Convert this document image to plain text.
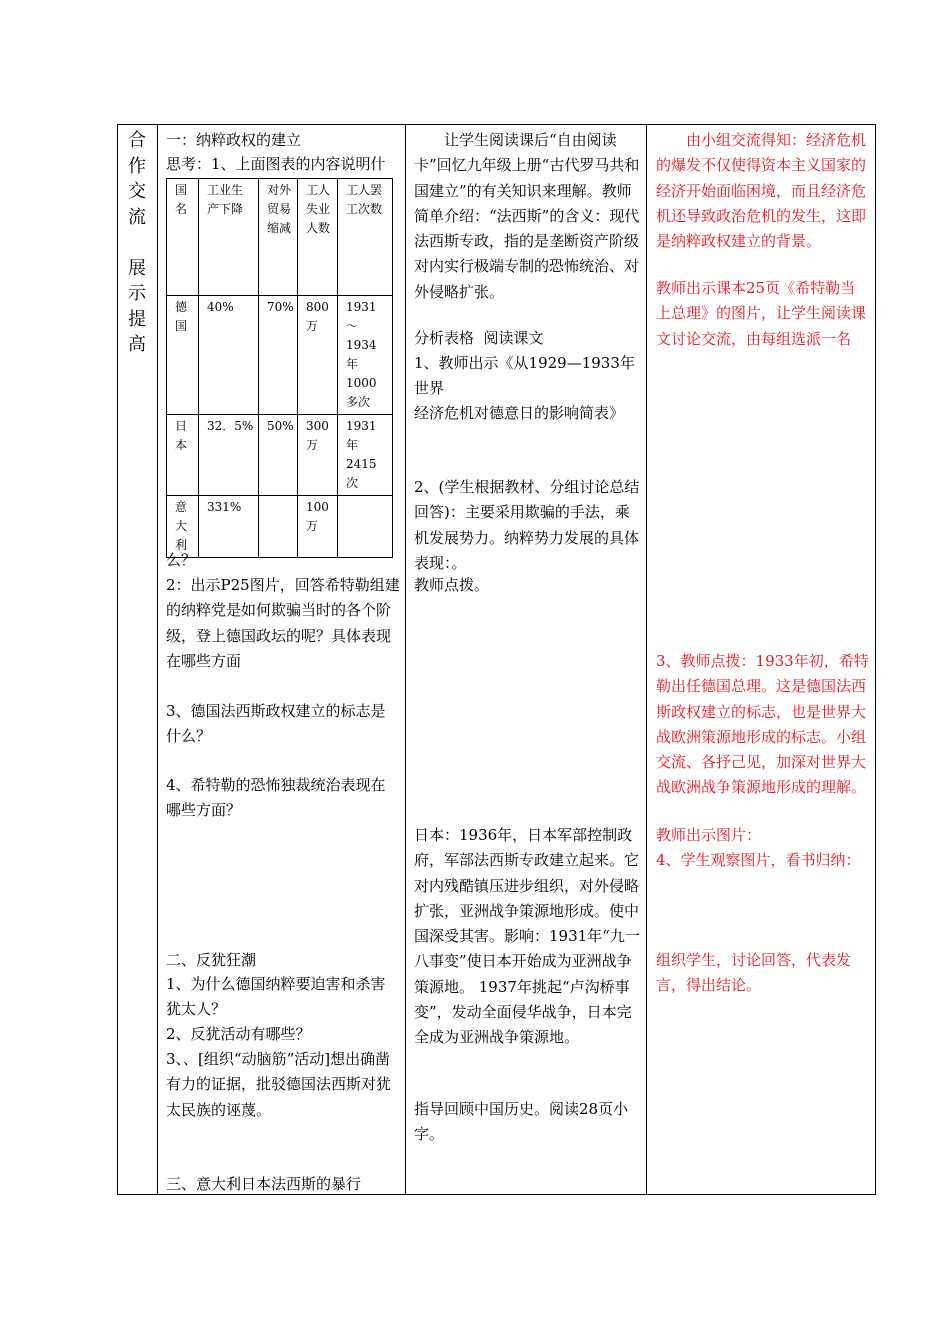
合
作
交
流
展
示
提
高
一：纳粹政权的建立
思考：1、上面图表的内容说明什
国名	工业生产下降	对外贸易缩减	工人失业人数	工人罢工次数
德国	40%	70%	800万	1931～1934年1000多次
日本	32．5%	50%	300万	1931年2415次
意大利	331%		100万	
么？
2：出示P25图片，回答希特勒组建的纳粹党是如何欺骗当时的各个阶级，登上德国政坛的呢？具体表现在哪些方面
3、德国法西斯政权建立的标志是什么？
4、希特勒的恐怖独裁统治表现在哪些方面？
二、反犹狂潮
1、为什么德国纳粹要迫害和杀害犹太人？
2、反犹活动有哪些？
3、、[组织“动脑筋”活动]想出确凿有力的证据，批驳德国法西斯对犹太民族的诬蔑。
三、意大利日本法西斯的暴行
　　让学生阅读课后“自由阅读卡”回忆九年级上册“古代罗马共和国建立”的有关知识来理解。教师简单介绍：“法西斯”的含义：现代法西斯专政，指的是垄断资产阶级对内实行极端专制的恐怖统治、对外侵略扩张。
分析表格  阅读课文
1、教师出示《从1929—1933年世界
经济危机对德意日的影响简表》
2、(学生根据教材、分组讨论总结回答)：主要采用欺骗的手法，乘机发展势力。纳粹势力发展的具体表现：。
教师点拨。
日本：1936年，日本军部控制政府，军部法西斯专政建立起来。它对内残酷镇压进步组织，对外侵略扩张，亚洲战争策源地形成。使中国深受其害。影响：1931年“九一八事变”使日本开始成为亚洲战争策源地。 1937年挑起“卢沟桥事变”，发动全面侵华战争，日本完全成为亚洲战争策源地。
指导回顾中国历史。阅读28页小字。
　　由小组交流得知：经济危机的爆发不仅使得资本主义国家的经济开始面临困境，而且经济危机还导致政治危机的发生，这即是纳粹政权建立的背景。
教师出示课本25页《希特勒当上总理》的图片，让学生阅读课文讨论交流，由每组选派一名
3、教师点拨：1933年初，希特勒出任德国总理。这是德国法西斯政权建立的标志，也是世界大战欧洲策源地形成的标志。小组交流、各抒己见，加深对世界大战欧洲战争策源地形成的理解。
教师出示图片：
4、学生观察图片，看书归纳：
组织学生，讨论回答，代表发言，得出结论。
